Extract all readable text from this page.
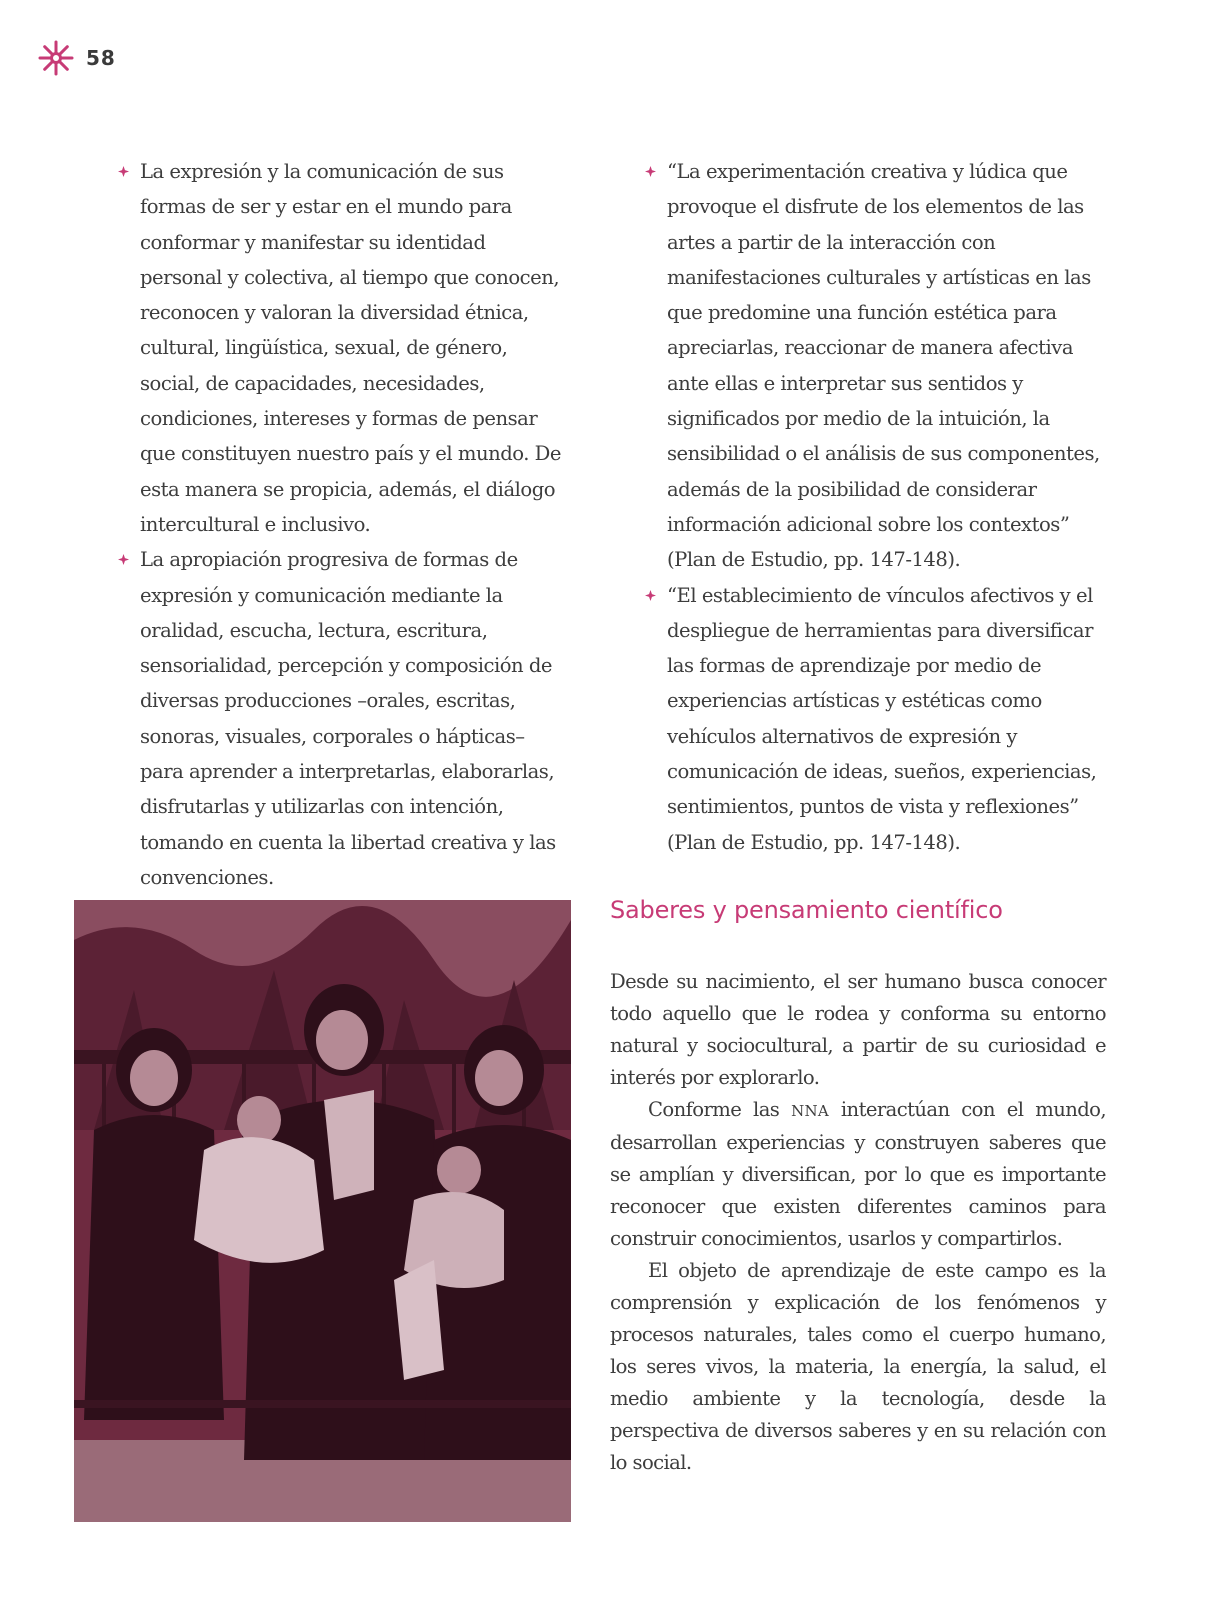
58
La expresión y la comunicación de sus formas de ser y estar en el mundo para conformar y manifestar su identidad personal y colectiva, al tiempo que conocen, reconocen y valoran la diversidad étnica, cultural, lingüística, sexual, de género, social, de capacidades, necesidades, condiciones, intereses y formas de pensar que constituyen nuestro país y el mundo. De esta manera se propicia, además, el diálogo intercultural e inclusivo.
La apropiación progresiva de formas de expresión y comunicación mediante la oralidad, escucha, lectura, escritura, sensorialidad, percepción y composición de diversas producciones –orales, escritas, sonoras, visuales, corporales o hápticas– para aprender a interpretarlas, elaborarlas, disfrutarlas y utilizarlas con intención, tomando en cuenta la libertad creativa y las convenciones.
“La experimentación creativa y lúdica que provoque el disfrute de los elementos de las artes a partir de la interacción con manifestaciones culturales y artísticas en las que predomine una función estética para apreciarlas, reaccionar de manera afectiva ante ellas e interpretar sus sentidos y significados por medio de la intuición, la sensibilidad o el análisis de sus componentes, además de la posibilidad de considerar información adicional sobre los contextos” (Plan de Estudio, pp. 147-148).
“El establecimiento de vínculos afectivos y el despliegue de herramientas para diversificar las formas de aprendizaje por medio de experiencias artísticas y estéticas como vehículos alternativos de expresión y comunicación de ideas, sueños, experiencias, sentimientos, puntos de vista y reflexiones” (Plan de Estudio, pp. 147-148).
Saberes y pensamiento científico

Desde su nacimiento, el ser humano busca conocer todo aquello que le rodea y conforma su entorno natural y sociocultural, a partir de su curiosidad e interés por explorarlo.

Conforme las NNA interactúan con el mundo, desarrollan experiencias y construyen saberes que se amplían y diversifican, por lo que es importante reconocer que existen diferentes caminos para construir conocimientos, usarlos y compartirlos.

El objeto de aprendizaje de este campo es la comprensión y explicación de los fenómenos y procesos naturales, tales como el cuerpo humano, los seres vivos, la materia, la energía, la salud, el medio ambiente y la tecnología, desde la perspectiva de diversos saberes y en su relación con lo social.
